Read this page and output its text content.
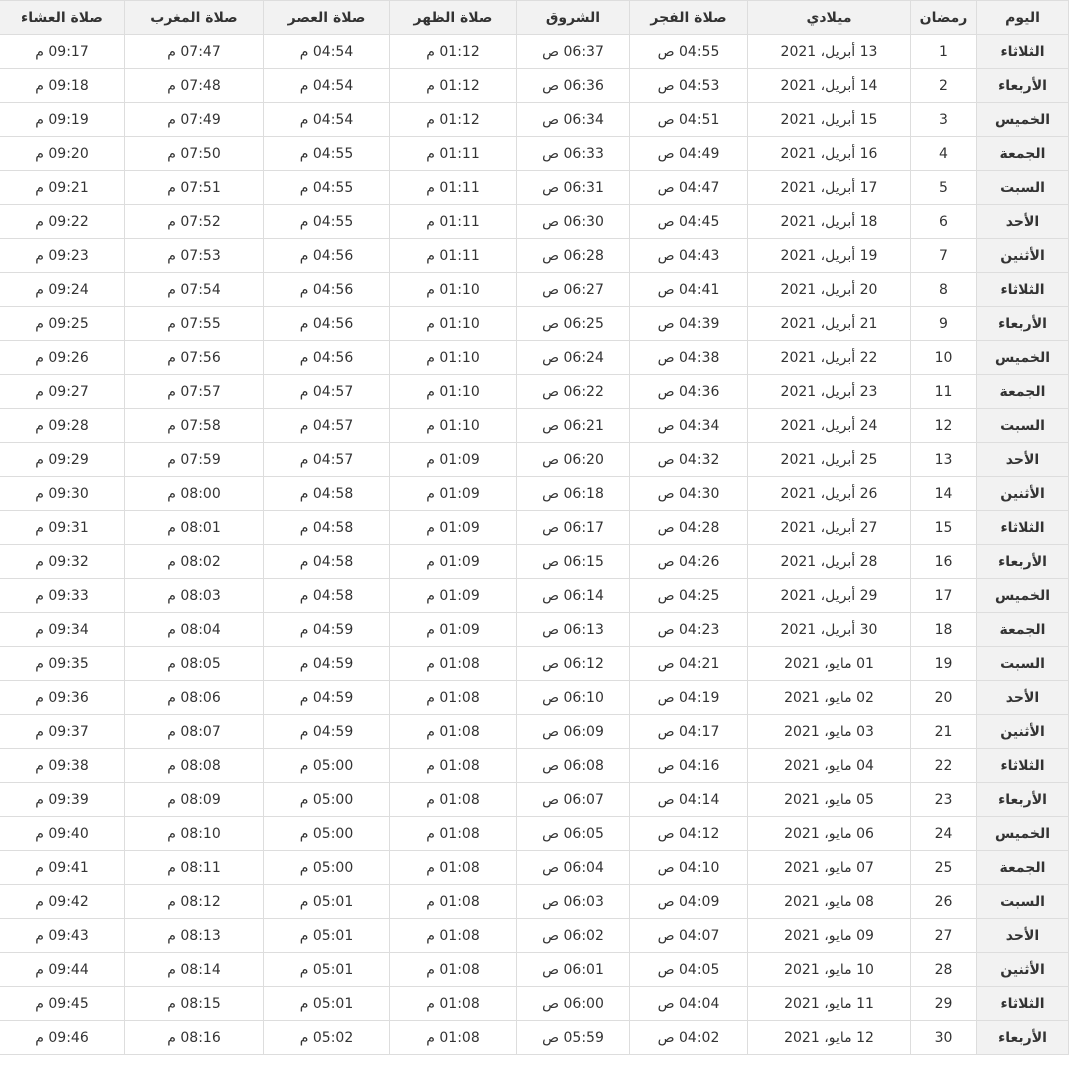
اليوم	رمضان	ميلادي	صلاة الفجر	الشروق	صلاة الظهر	صلاة العصر	صلاة المغرب	صلاة العشاء
الثلاثاء	1	13 أبريل، 2021	04:55 ص	06:37 ص	01:12 م	04:54 م	07:47 م	09:17 م
الأربعاء	2	14 أبريل، 2021	04:53 ص	06:36 ص	01:12 م	04:54 م	07:48 م	09:18 م
الخميس	3	15 أبريل، 2021	04:51 ص	06:34 ص	01:12 م	04:54 م	07:49 م	09:19 م
الجمعة	4	16 أبريل، 2021	04:49 ص	06:33 ص	01:11 م	04:55 م	07:50 م	09:20 م
السبت	5	17 أبريل، 2021	04:47 ص	06:31 ص	01:11 م	04:55 م	07:51 م	09:21 م
الأحد	6	18 أبريل، 2021	04:45 ص	06:30 ص	01:11 م	04:55 م	07:52 م	09:22 م
الأثنين	7	19 أبريل، 2021	04:43 ص	06:28 ص	01:11 م	04:56 م	07:53 م	09:23 م
الثلاثاء	8	20 أبريل، 2021	04:41 ص	06:27 ص	01:10 م	04:56 م	07:54 م	09:24 م
الأربعاء	9	21 أبريل، 2021	04:39 ص	06:25 ص	01:10 م	04:56 م	07:55 م	09:25 م
الخميس	10	22 أبريل، 2021	04:38 ص	06:24 ص	01:10 م	04:56 م	07:56 م	09:26 م
الجمعة	11	23 أبريل، 2021	04:36 ص	06:22 ص	01:10 م	04:57 م	07:57 م	09:27 م
السبت	12	24 أبريل، 2021	04:34 ص	06:21 ص	01:10 م	04:57 م	07:58 م	09:28 م
الأحد	13	25 أبريل، 2021	04:32 ص	06:20 ص	01:09 م	04:57 م	07:59 م	09:29 م
الأثنين	14	26 أبريل، 2021	04:30 ص	06:18 ص	01:09 م	04:58 م	08:00 م	09:30 م
الثلاثاء	15	27 أبريل، 2021	04:28 ص	06:17 ص	01:09 م	04:58 م	08:01 م	09:31 م
الأربعاء	16	28 أبريل، 2021	04:26 ص	06:15 ص	01:09 م	04:58 م	08:02 م	09:32 م
الخميس	17	29 أبريل، 2021	04:25 ص	06:14 ص	01:09 م	04:58 م	08:03 م	09:33 م
الجمعة	18	30 أبريل، 2021	04:23 ص	06:13 ص	01:09 م	04:59 م	08:04 م	09:34 م
السبت	19	01 مايو، 2021	04:21 ص	06:12 ص	01:08 م	04:59 م	08:05 م	09:35 م
الأحد	20	02 مايو، 2021	04:19 ص	06:10 ص	01:08 م	04:59 م	08:06 م	09:36 م
الأثنين	21	03 مايو، 2021	04:17 ص	06:09 ص	01:08 م	04:59 م	08:07 م	09:37 م
الثلاثاء	22	04 مايو، 2021	04:16 ص	06:08 ص	01:08 م	05:00 م	08:08 م	09:38 م
الأربعاء	23	05 مايو، 2021	04:14 ص	06:07 ص	01:08 م	05:00 م	08:09 م	09:39 م
الخميس	24	06 مايو، 2021	04:12 ص	06:05 ص	01:08 م	05:00 م	08:10 م	09:40 م
الجمعة	25	07 مايو، 2021	04:10 ص	06:04 ص	01:08 م	05:00 م	08:11 م	09:41 م
السبت	26	08 مايو، 2021	04:09 ص	06:03 ص	01:08 م	05:01 م	08:12 م	09:42 م
الأحد	27	09 مايو، 2021	04:07 ص	06:02 ص	01:08 م	05:01 م	08:13 م	09:43 م
الأثنين	28	10 مايو، 2021	04:05 ص	06:01 ص	01:08 م	05:01 م	08:14 م	09:44 م
الثلاثاء	29	11 مايو، 2021	04:04 ص	06:00 ص	01:08 م	05:01 م	08:15 م	09:45 م
الأربعاء	30	12 مايو، 2021	04:02 ص	05:59 ص	01:08 م	05:02 م	08:16 م	09:46 م
